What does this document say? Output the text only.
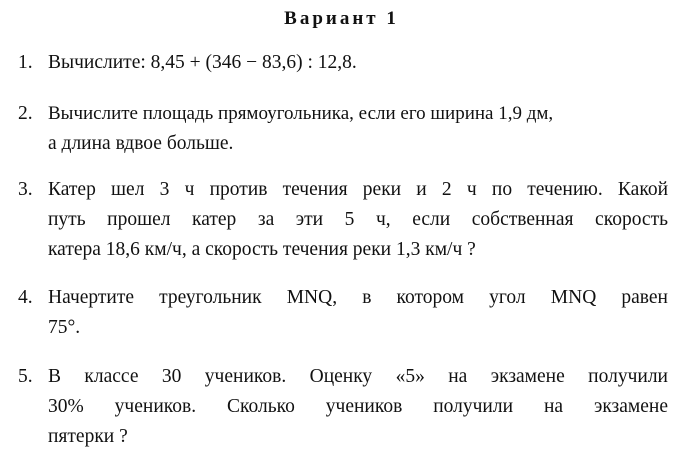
Вариант 1
1. Вычислите: 8,45 + (346 − 83,6) : 12,8.
2. Вычислите площадь прямоугольника, если его ширина 1,9 дм,
а длина вдвое больше.
3. Катер шел 3 ч против течения реки и 2 ч по течению. Какой
путь прошел катер за эти 5 ч, если собственная скорость
катера 18,6 км/ч, а скорость течения реки 1,3 км/ч ?
4. Начертите треугольник MNQ, в котором угол MNQ равен
75°.
5. В классе 30 учеников. Оценку «5» на экзамене получили
30% учеников. Сколько учеников получили на экзамене
пятерки ?
